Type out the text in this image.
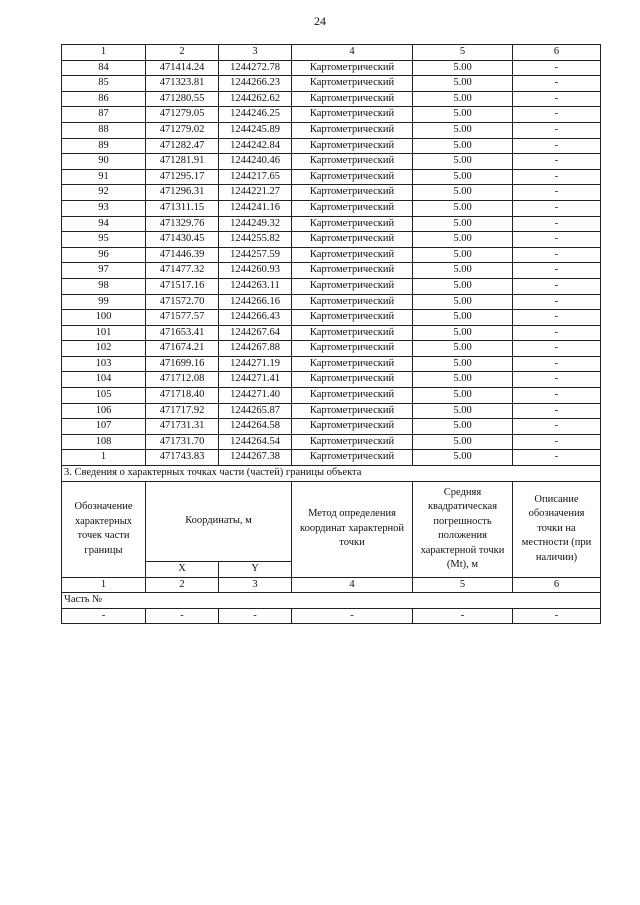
24
1	2	3	4	5	6
84	471414.24	1244272.78	Картометрический	5.00	-
85	471323.81	1244266.23	Картометрический	5.00	-
86	471280.55	1244262.62	Картометрический	5.00	-
87	471279.05	1244246.25	Картометрический	5.00	-
88	471279.02	1244245.89	Картометрический	5.00	-
89	471282.47	1244242.84	Картометрический	5.00	-
90	471281.91	1244240.46	Картометрический	5.00	-
91	471295.17	1244217.65	Картометрический	5.00	-
92	471296.31	1244221.27	Картометрический	5.00	-
93	471311.15	1244241.16	Картометрический	5.00	-
94	471329.76	1244249.32	Картометрический	5.00	-
95	471430.45	1244255.82	Картометрический	5.00	-
96	471446.39	1244257.59	Картометрический	5.00	-
97	471477.32	1244260.93	Картометрический	5.00	-
98	471517.16	1244263.11	Картометрический	5.00	-
99	471572.70	1244266.16	Картометрический	5.00	-
100	471577.57	1244266.43	Картометрический	5.00	-
101	471653.41	1244267.64	Картометрический	5.00	-
102	471674.21	1244267.88	Картометрический	5.00	-
103	471699.16	1244271.19	Картометрический	5.00	-
104	471712.08	1244271.41	Картометрический	5.00	-
105	471718.40	1244271.40	Картометрический	5.00	-
106	471717.92	1244265.87	Картометрический	5.00	-
107	471731.31	1244264.58	Картометрический	5.00	-
108	471731.70	1244264.54	Картометрический	5.00	-
1	471743.83	1244267.38	Картометрический	5.00	-
3. Сведения о характерных точках части (частей) границы объекта					
Обозначение характерных точек части границы	Координаты, м		Метод определения координат характерной точки	Средняя квадратическая погрешность положения характерной точки (Mt), м	Описание обозначения точки на местности (при наличии)
	X	Y			
1	2	3	4	5	6
Часть №					
-	-	-	-	-	-
